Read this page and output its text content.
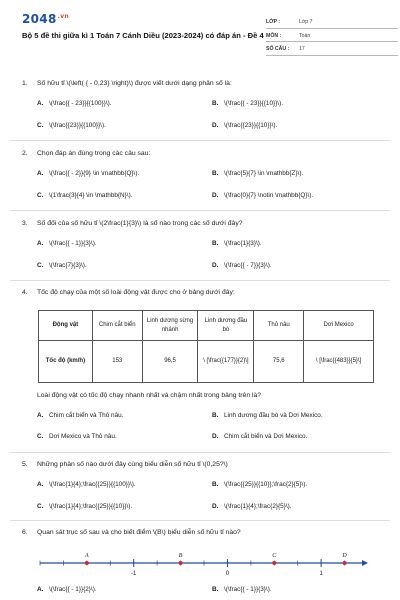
$2048^{.vn}$
Bộ 5 đề thi giữa kì 1 Toán 7 Cánh Diều (2023-2024) có đáp án - Đề 4
LỚP :	Lớp 7
MÔN :	Toán
SỐ CÂU :	17
1.	Số hữu tỉ \(\left( { - 0,23} \right)\) được viết dưới dạng phân số là:
A. \(\frac{{ - 23}}{{100}}\).	B. \(\frac{{ - 23}}{{10}}\).
C. \(\frac{{23}}{{100}}\).	D. \(\frac{{23}}{{10}}\).
2.	Chọn đáp án đúng trong các câu sau:
A. \(\frac{{ - 2}}{9} \in \mathbb{Q}\).	B. \(\frac{5}{7} \in \mathbb{Z}\).
C. \(1\frac{3}{4} \in \mathbb{N}\).	D. \(\frac{0}{7} \notin \mathbb{Q}\).
3.	Số đối của số hữu tỉ \(2\frac{1}{3}\) là số nào trong các số dưới đây?
A. \(\frac{{ - 1}}{3}\).	B. \(\frac{1}{3}\).
C. \(\frac{7}{3}\).	D. \(\frac{{ - 7}}{3}\).
4.	Tốc độ chạy của một số loài động vật được cho ở bảng dưới đây:
Động vật	Chim cắt biển	Linh dương sừng nhánh	Linh dương đầu bò	Thỏ nâu	Dơi Mexico
Tốc độ (km/h)	153	96,5	\ [\frac{{177}}{2}\]	75,6	\ [\frac{{483}}{5}\]
Loài động vật có tốc độ chạy nhanh nhất và chậm nhất trong bảng trên là?
A. Chim cắt biển và Thỏ nâu.	B. Linh dương đầu bò và Dơi Mexico.
C. Dơi Mexico và Thỏ nâu.	D. Chim cắt biển và Dơi Mexico.
5.	Những phân số nào dưới đây cùng biểu diễn số hữu tỉ \(0,25?\)
A. \(\frac{1}{4};\frac{{25}}{{100}}\).	B. \(\frac{{25}}{{10}};\frac{2}{5}\).
C. \(\frac{1}{4};\frac{{25}}{{10}}\).	D. \(\frac{1}{4};\frac{2}{5}\).
6.	Quan sát trục số sau và cho biết điểm \(B\) biểu diễn số hữu tỉ nào?
-1	0	1
A	B	C	D
A. \(\frac{{ - 1}}{2}\).	B. \(\frac{{ - 1}}{3}\).
